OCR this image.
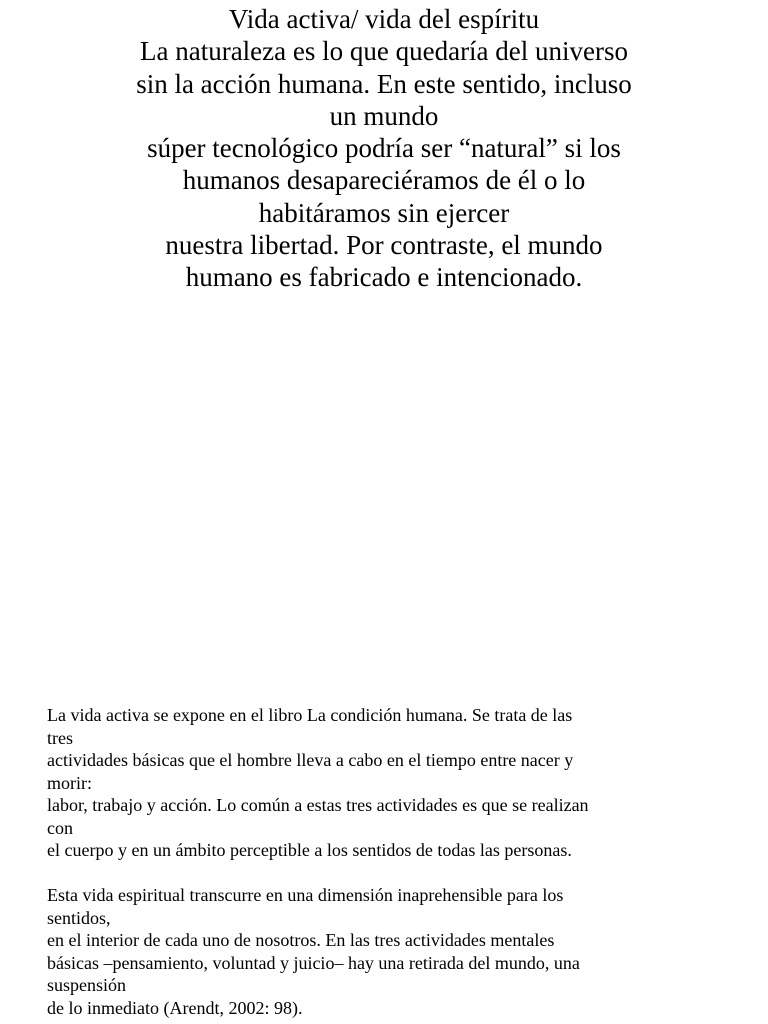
Vida activa/ vida del espíritu
La naturaleza es lo que quedaría del universo
sin la acción humana. En este sentido, incluso
un mundo
súper tecnológico podría ser “natural” si los
humanos desapareciéramos de él o lo
habitáramos sin ejercer
nuestra libertad. Por contraste, el mundo
humano es fabricado e intencionado.
La vida activa se expone en el libro La condición humana. Se trata de las
tres
actividades básicas que el hombre lleva a cabo en el tiempo entre nacer y
morir:
labor, trabajo y acción. Lo común a estas tres actividades es que se realizan
con
el cuerpo y en un ámbito perceptible a los sentidos de todas las personas.
Esta vida espiritual transcurre en una dimensión inaprehensible para los
sentidos,
en el interior de cada uno de nosotros. En las tres actividades mentales
básicas –pensamiento, voluntad y juicio– hay una retirada del mundo, una
suspensión
de lo inmediato (Arendt, 2002: 98).
